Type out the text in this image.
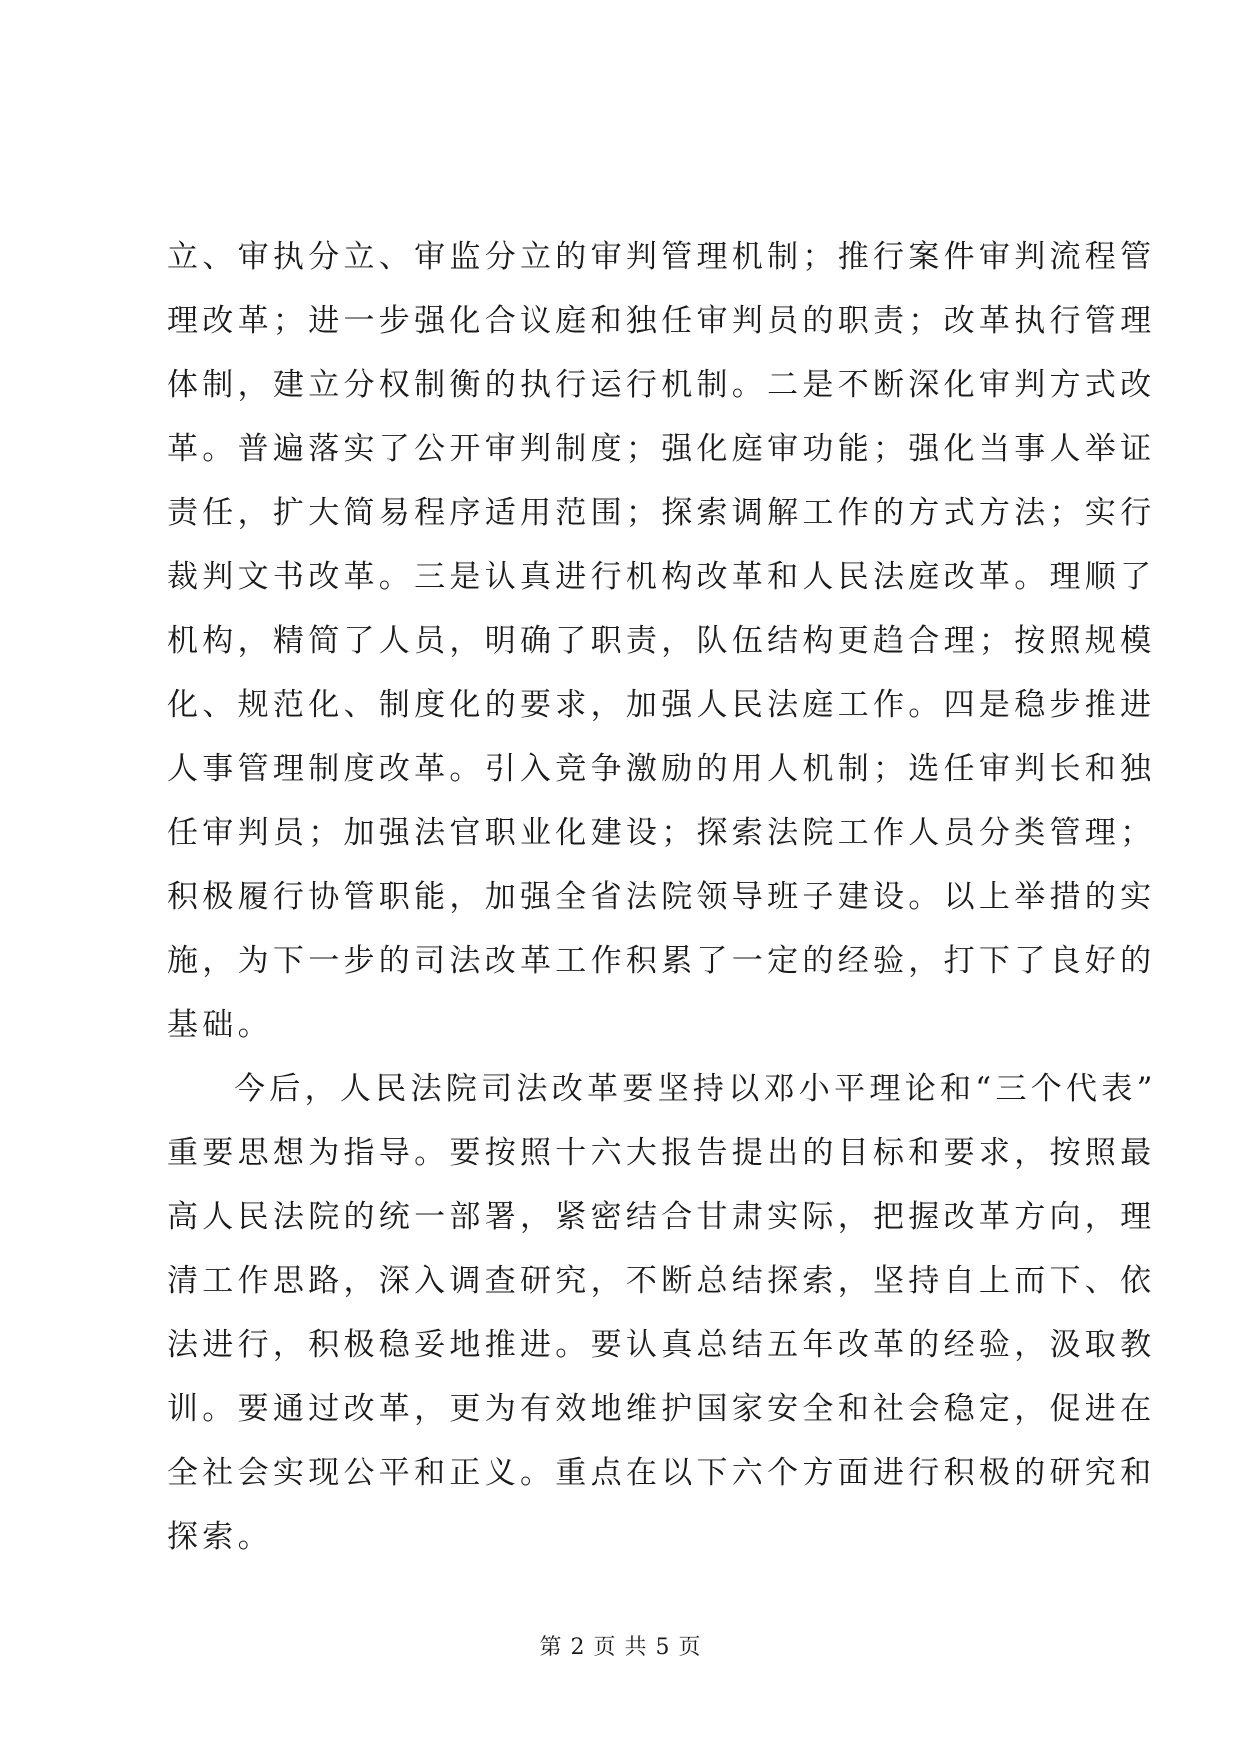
立、审执分立、审监分立的审判管理机制；推行案件审判流程管
理改革；进一步强化合议庭和独任审判员的职责；改革执行管理
体制，建立分权制衡的执行运行机制。二是不断深化审判方式改
革。普遍落实了公开审判制度；强化庭审功能；强化当事人举证
责任，扩大简易程序适用范围；探索调解工作的方式方法；实行
裁判文书改革。三是认真进行机构改革和人民法庭改革。理顺了
机构，精简了人员，明确了职责，队伍结构更趋合理；按照规模
化、规范化、制度化的要求，加强人民法庭工作。四是稳步推进
人事管理制度改革。引入竞争激励的用人机制；选任审判长和独
任审判员；加强法官职业化建设；探索法院工作人员分类管理；
积极履行协管职能，加强全省法院领导班子建设。以上举措的实
施，为下一步的司法改革工作积累了一定的经验，打下了良好的
基础。
今后，人民法院司法改革要坚持以邓小平理论和“三个代表”
重要思想为指导。要按照十六大报告提出的目标和要求，按照最
高人民法院的统一部署，紧密结合甘肃实际，把握改革方向，理
清工作思路，深入调查研究，不断总结探索，坚持自上而下、依
法进行，积极稳妥地推进。要认真总结五年改革的经验，汲取教
训。要通过改革，更为有效地维护国家安全和社会稳定，促进在
全社会实现公平和正义。重点在以下六个方面进行积极的研究和
探索。
第 2 页 共 5 页
